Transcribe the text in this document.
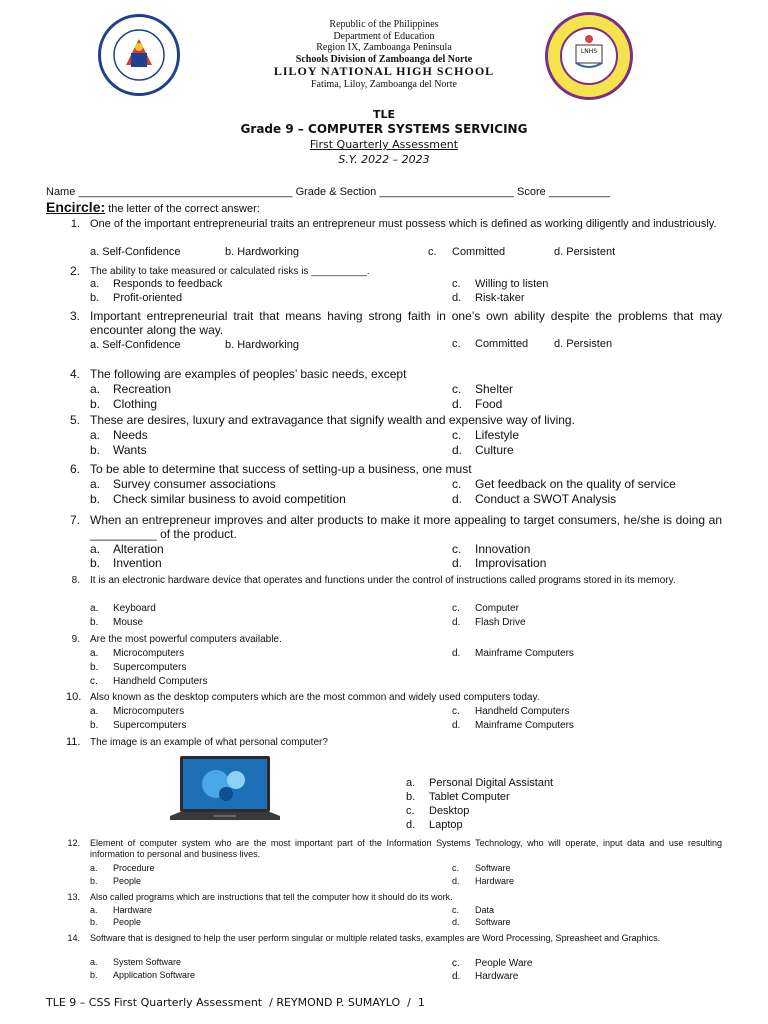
LNHS
Republic of the Philippines
Department of Education
Region IX, Zamboanga Peninsula
Schools Division of Zamboanga del Norte
LILOY NATIONAL HIGH SCHOOL
Fatima, Liloy, Zamboanga del Norte
TLE
Grade 9 – COMPUTER SYSTEMS SERVICING
First Quarterly Assessment
S.Y. 2022 – 2023
Name ___________________________________ Grade & Section ______________________ Score __________
Encircle: the letter of the correct answer:
1. One of the important entrepreneurial traits an entrepreneur must possess which is defined as working diligently and industriously.
a. Self-Confidence	b. Hardworking	c. Committed	d. Persistent
2. The ability to take measured or calculated risks is __________.
a. Responds to feedback	c. Willing to listen
b. Profit-oriented	d. Risk-taker
3. Important entrepreneurial trait that means having strong faith in one’s own ability despite the problems that may encounter along the way.
a. Self-Confidence	b. Hardworking	c. Committed d. Persisten
4. The following are examples of peoples’ basic needs, except
a. Recreation	c. Shelter
b. Clothing	d. Food
5. These are desires, luxury and extravagance that signify wealth and expensive way of living.
a. Needs	c. Lifestyle
b. Wants	d. Culture
6. To be able to determine that success of setting-up a business, one must
a. Survey consumer associations	c. Get feedback on the quality of service
b. Check similar business to avoid competition	d. Conduct a SWOT Analysis
7. When an entrepreneur improves and alter products to make it more appealing to target consumers, he/she is doing an __________ of the product.
a. Alteration	c. Innovation
b. Invention	d. Improvisation
8. It is an electronic hardware device that operates and functions under the control of instructions called programs stored in its memory.
a. Keyboard	c. Computer
b. Mouse	d. Flash Drive
9. Are the most powerful computers available.
a. Microcomputers	d. Mainframe Computers
b. Supercomputers
c. Handheld Computers
10. Also known as the desktop computers which are the most common and widely used computers today.
a. Microcomputers	c. Handheld Computers
b. Supercomputers	d. Mainframe Computers
11. The image is an example of what personal computer?
a. Personal Digital Assistant
b. Tablet Computer
c. Desktop
d. Laptop
12. Element of computer system who are the most important part of the Information Systems Technology, who will operate, input data and use resulting information to personal and business lives.
a. Procedure	c. Software
b. People	d. Hardware
13. Also called programs which are instructions that tell the computer how it should do its work.
a. Hardware	c. Data
b. People	d. Software
14. Software that is designed to help the user perform singular or multiple related tasks, examples are Word Processing, Spreasheet and Graphics.
a. System Software	c. People Ware
b. Application Software	d. Hardware
TLE 9 – CSS First Quarterly Assessment  / REYMOND P. SUMAYLO  /  1
